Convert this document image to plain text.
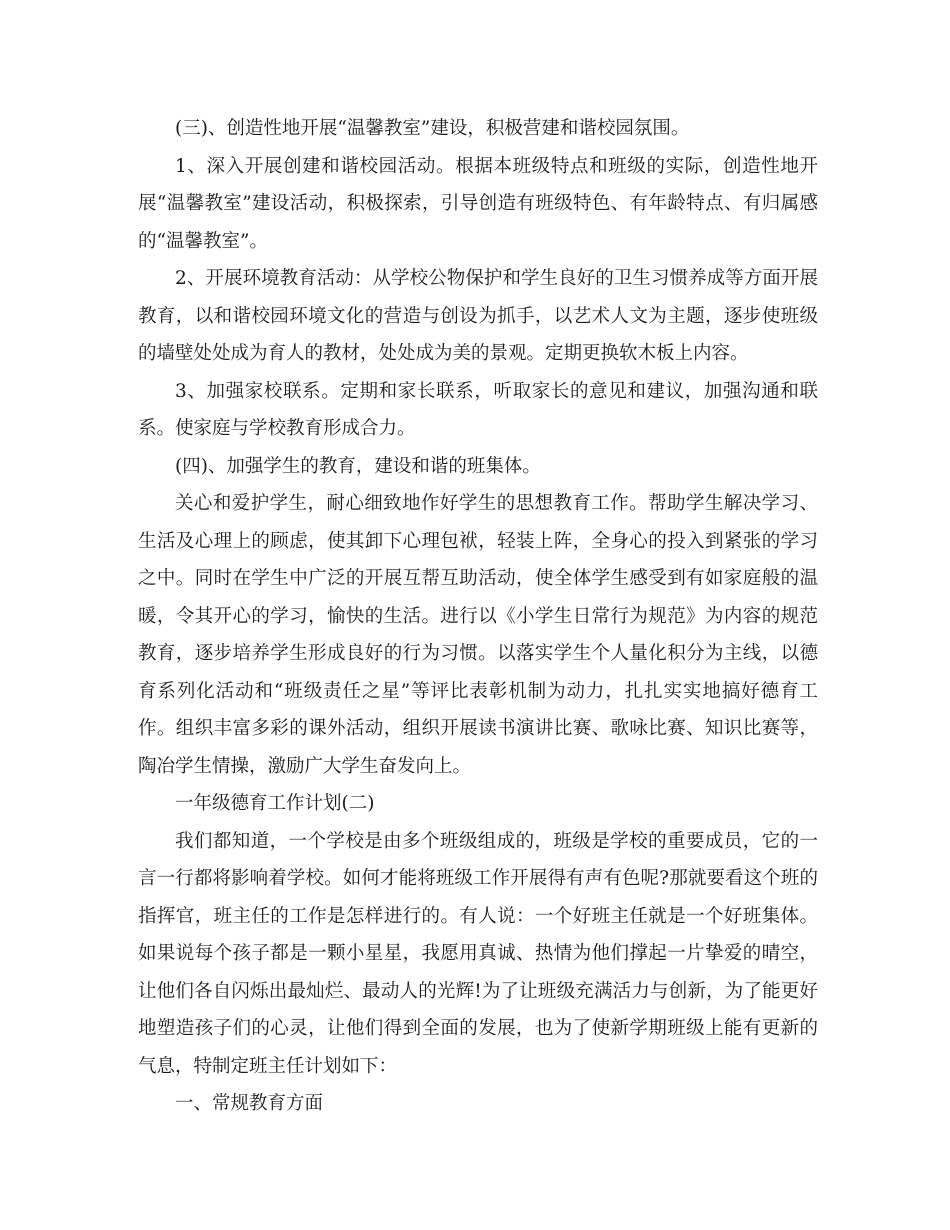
(三)、创造性地开展“温馨教室”建设，积极营建和谐校园氛围。

1、深入开展创建和谐校园活动。根据本班级特点和班级的实际，创造性地开展“温馨教室”建设活动，积极探索，引导创造有班级特色、有年龄特点、有归属感的“温馨教室”。

2、开展环境教育活动：从学校公物保护和学生良好的卫生习惯养成等方面开展教育，以和谐校园环境文化的营造与创设为抓手，以艺术人文为主题，逐步使班级的墙壁处处成为育人的教材，处处成为美的景观。定期更换软木板上内容。

3、加强家校联系。定期和家长联系，听取家长的意见和建议，加强沟通和联系。使家庭与学校教育形成合力。

(四)、加强学生的教育，建设和谐的班集体。

关心和爱护学生，耐心细致地作好学生的思想教育工作。帮助学生解决学习、生活及心理上的顾虑，使其卸下心理包袱，轻装上阵，全身心的投入到紧张的学习之中。同时在学生中广泛的开展互帮互助活动，使全体学生感受到有如家庭般的温暖，令其开心的学习，愉快的生活。进行以《小学生日常行为规范》为内容的规范教育，逐步培养学生形成良好的行为习惯。以落实学生个人量化积分为主线，以德育系列化活动和“班级责任之星”等评比表彰机制为动力，扎扎实实地搞好德育工作。组织丰富多彩的课外活动，组织开展读书演讲比赛、歌咏比赛、知识比赛等，陶冶学生情操，激励广大学生奋发向上。

一年级德育工作计划(二)

我们都知道，一个学校是由多个班级组成的，班级是学校的重要成员，它的一言一行都将影响着学校。如何才能将班级工作开展得有声有色呢?那就要看这个班的指挥官，班主任的工作是怎样进行的。有人说：一个好班主任就是一个好班集体。如果说每个孩子都是一颗小星星，我愿用真诚、热情为他们撑起一片挚爱的晴空，让他们各自闪烁出最灿烂、最动人的光辉!为了让班级充满活力与创新，为了能更好地塑造孩子们的心灵，让他们得到全面的发展，也为了使新学期班级上能有更新的气息，特制定班主任计划如下：

一、常规教育方面
